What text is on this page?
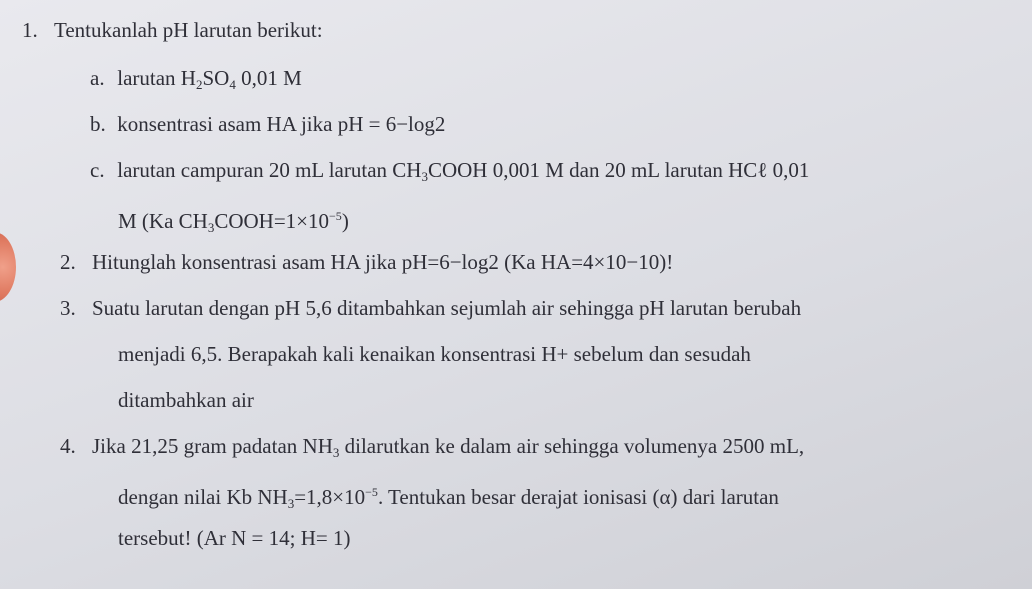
1. Tentukanlah pH larutan berikut:
a. larutan $H_2SO_4$ 0,01 M
b. konsentrasi asam HA jika pH = 6−log2
c. larutan campuran 20 mL larutan $CH_3COOH$ 0,001 M dan 20 mL larutan HCℓ 0,01
M (Ka $CH_3COOH=1\times 10^{-5}$)
2. Hitunglah konsentrasi asam HA jika pH=6−log2 (Ka HA=4×10−10)!
3. Suatu larutan dengan pH 5,6 ditambahkan sejumlah air sehingga pH larutan berubah
menjadi 6,5. Berapakah kali kenaikan konsentrasi H+ sebelum dan sesudah
ditambahkan air
4. Jika 21,25 gram padatan $NH_3$ dilarutkan ke dalam air sehingga volumenya 2500 mL,
dengan nilai Kb $NH_3=1,8\times 10^{-5}$. Tentukan besar derajat ionisasi (α) dari larutan
tersebut! (Ar N = 14; H= 1)
